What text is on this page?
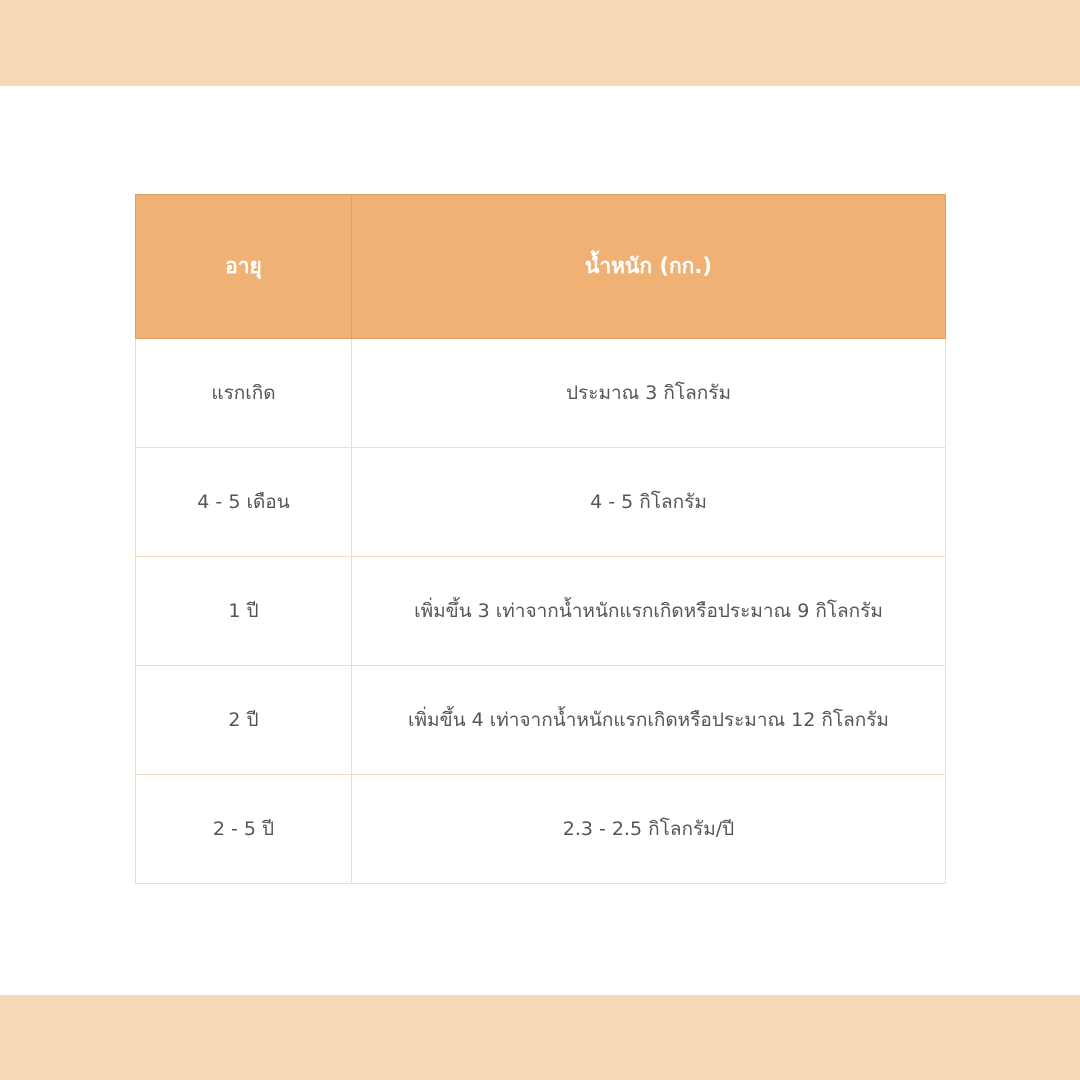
อายุ	น้ำหนัก (กก.)
แรกเกิด	ประมาณ 3 กิโลกรัม
4 - 5 เดือน	4 - 5 กิโลกรัม
1 ปี	เพิ่มขึ้น 3 เท่าจากน้ำหนักแรกเกิดหรือประมาณ 9 กิโลกรัม
2 ปี	เพิ่มขึ้น 4 เท่าจากน้ำหนักแรกเกิดหรือประมาณ 12 กิโลกรัม
2 - 5 ปี	2.3 - 2.5 กิโลกรัม/ปี
